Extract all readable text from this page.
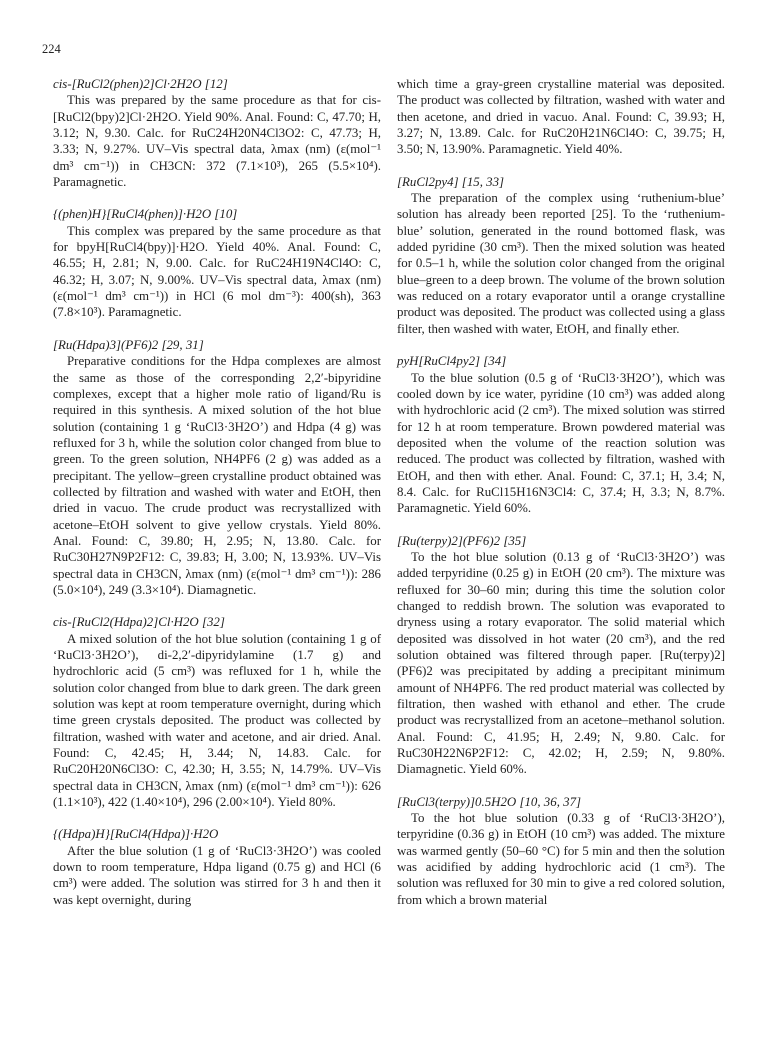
224
cis-[RuCl2(phen)2]Cl·2H2O [12]
This was prepared by the same procedure as that for cis-[RuCl2(bpy)2]Cl·2H2O. Yield 90%. Anal. Found: C, 47.70; H, 3.12; N, 9.30. Calc. for RuC24H20N4Cl3O2: C, 47.73; H, 3.33; N, 9.27%. UV–Vis spectral data, λmax (nm) (ε(mol⁻¹ dm³ cm⁻¹)) in CH3CN: 372 (7.1×10³), 265 (5.5×10⁴). Paramagnetic.
{(phen)H}[RuCl4(phen)]·H2O [10]
This complex was prepared by the same procedure as that for bpyH[RuCl4(bpy)]·H2O. Yield 40%. Anal. Found: C, 46.55; H, 2.81; N, 9.00. Calc. for RuC24H19N4Cl4O: C, 46.32; H, 3.07; N, 9.00%. UV–Vis spectral data, λmax (nm) (ε(mol⁻¹ dm³ cm⁻¹)) in HCl (6 mol dm⁻³): 400(sh), 363 (7.8×10³). Paramagnetic.
[Ru(Hdpa)3](PF6)2 [29, 31]
Preparative conditions for the Hdpa complexes are almost the same as those of the corresponding 2,2′-bipyridine complexes, except that a higher mole ratio of ligand/Ru is required in this synthesis. A mixed solution of the hot blue solution (containing 1 g ‘RuCl3·3H2O’) and Hdpa (4 g) was refluxed for 3 h, while the solution color changed from blue to green. To the green solution, NH4PF6 (2 g) was added as a precipitant. The yellow–green crystalline product obtained was collected by filtration and washed with water and EtOH, then dried in vacuo. The crude product was recrystallized with acetone–EtOH solvent to give yellow crystals. Yield 80%. Anal. Found: C, 39.80; H, 2.95; N, 13.80. Calc. for RuC30H27N9P2F12: C, 39.83; H, 3.00; N, 13.93%. UV–Vis spectral data in CH3CN, λmax (nm) (ε(mol⁻¹ dm³ cm⁻¹)): 286 (5.0×10⁴), 249 (3.3×10⁴). Diamagnetic.
cis-[RuCl2(Hdpa)2]Cl·H2O [32]
A mixed solution of the hot blue solution (containing 1 g of ‘RuCl3·3H2O’), di-2,2′-dipyridylamine (1.7 g) and hydrochloric acid (5 cm³) was refluxed for 1 h, while the solution color changed from blue to dark green. The dark green solution was kept at room temperature overnight, during which time green crystals deposited. The product was collected by filtration, washed with water and acetone, and air dried. Anal. Found: C, 42.45; H, 3.44; N, 14.83. Calc. for RuC20H20N6Cl3O: C, 42.30; H, 3.55; N, 14.79%. UV–Vis spectral data in CH3CN, λmax (nm) (ε(mol⁻¹ dm³ cm⁻¹)): 626 (1.1×10³), 422 (1.40×10⁴), 296 (2.00×10⁴). Yield 80%.
{(Hdpa)H}[RuCl4(Hdpa)]·H2O
After the blue solution (1 g of ‘RuCl3·3H2O’) was cooled down to room temperature, Hdpa ligand (0.75 g) and HCl (6 cm³) were added. The solution was stirred for 3 h and then it was kept overnight, during
which time a gray-green crystalline material was deposited. The product was collected by filtration, washed with water and then acetone, and dried in vacuo. Anal. Found: C, 39.93; H, 3.27; N, 13.89. Calc. for RuC20H21N6Cl4O: C, 39.75; H, 3.50; N, 13.90%. Paramagnetic. Yield 40%.
[RuCl2py4] [15, 33]
The preparation of the complex using ‘ruthenium-blue’ solution has already been reported [25]. To the ‘ruthenium-blue’ solution, generated in the round bottomed flask, was added pyridine (30 cm³). Then the mixed solution was heated for 0.5–1 h, while the solution color changed from the original blue–green to a deep brown. The volume of the brown solution was reduced on a rotary evaporator until a orange crystalline product was deposited. The product was collected using a glass filter, then washed with water, EtOH, and finally ether.
pyH[RuCl4py2] [34]
To the blue solution (0.5 g of ‘RuCl3·3H2O’), which was cooled down by ice water, pyridine (10 cm³) was added along with hydrochloric acid (2 cm³). The mixed solution was stirred for 12 h at room temperature. Brown powdered material was deposited when the volume of the reaction solution was reduced. The product was collected by filtration, washed with EtOH, and then with ether. Anal. Found: C, 37.1; H, 3.4; N, 8.4. Calc. for RuCl15H16N3Cl4: C, 37.4; H, 3.3; N, 8.7%. Paramagnetic. Yield 60%.
[Ru(terpy)2](PF6)2 [35]
To the hot blue solution (0.13 g of ‘RuCl3·3H2O’) was added terpyridine (0.25 g) in EtOH (20 cm³). The mixture was refluxed for 30–60 min; during this time the solution color changed to reddish brown. The solution was evaporated to dryness using a rotary evaporator. The solid material which deposited was dissolved in hot water (20 cm³), and the red solution obtained was filtered through paper. [Ru(terpy)2](PF6)2 was precipitated by adding a precipitant minimum amount of NH4PF6. The red product material was collected by filtration, then washed with ethanol and ether. The crude product was recrystallized from an acetone–methanol solution. Anal. Found: C, 41.95; H, 2.49; N, 9.80. Calc. for RuC30H22N6P2F12: C, 42.02; H, 2.59; N, 9.80%. Diamagnetic. Yield 60%.
[RuCl3(terpy)]0.5H2O [10, 36, 37]
To the hot blue solution (0.33 g of ‘RuCl3·3H2O’), terpyridine (0.36 g) in EtOH (10 cm³) was added. The mixture was warmed gently (50–60 °C) for 5 min and then the solution was acidified by adding hydrochloric acid (1 cm³). The solution was refluxed for 30 min to give a red colored solution, from which a brown material
